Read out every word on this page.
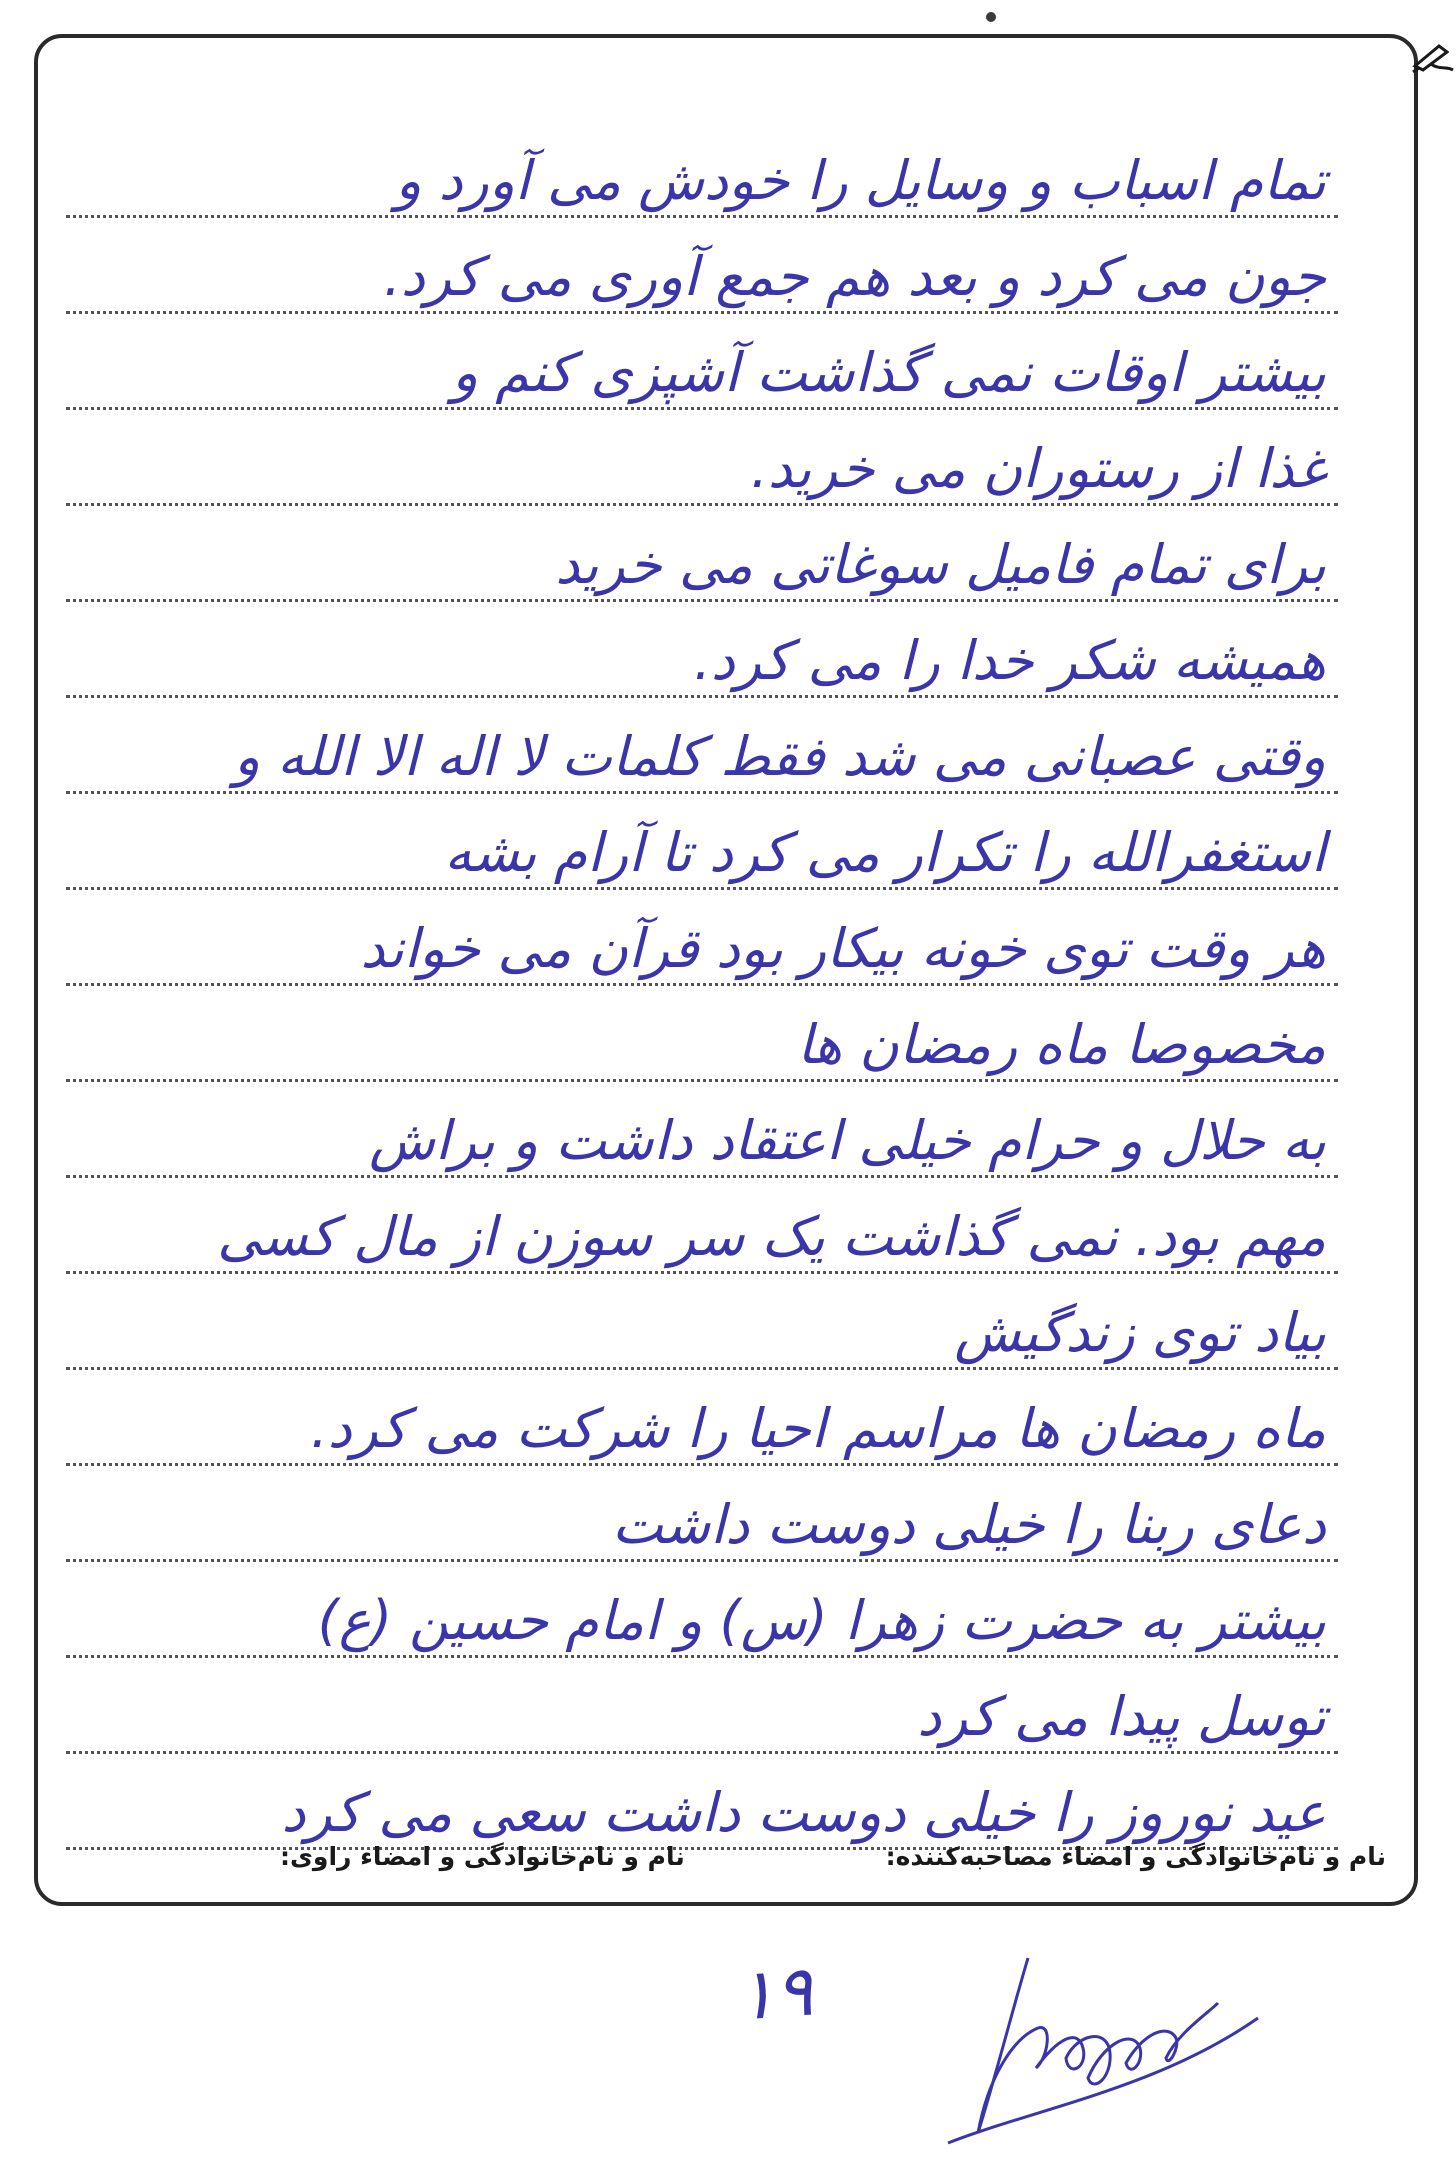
تمام اسباب و وسایل را خودش می آورد و
جون می کرد و بعد هم جمع آوری می کرد.
بیشتر اوقات نمی گذاشت آشپزی کنم و
غذا از رستوران می خرید.
برای تمام فامیل سوغاتی می خرید
همیشه شکر خدا را می کرد.
وقتی عصبانی می شد فقط کلمات لا اله الا الله و
استغفرالله را تکرار می کرد تا آرام بشه
هر وقت توی خونه بیکار بود قرآن می خواند
مخصوصا ماه رمضان ها
به حلال و حرام خیلی اعتقاد داشت و براش
مهم بود. نمی گذاشت یک سر سوزن از مال کسی
بیاد توی زندگیش
ماه رمضان ها مراسم احیا را شرکت می کرد.
دعای ربنا را خیلی دوست داشت
بیشتر به حضرت زهرا (س) و امام حسین (ع)
توسل پیدا می کرد
عید نوروز را خیلی دوست داشت سعی می کرد
نام و نام‌خانوادگی و امضاء مصاحبه‌کننده:
نام و نام‌خانوادگی و امضاء راوی:
۱۹
